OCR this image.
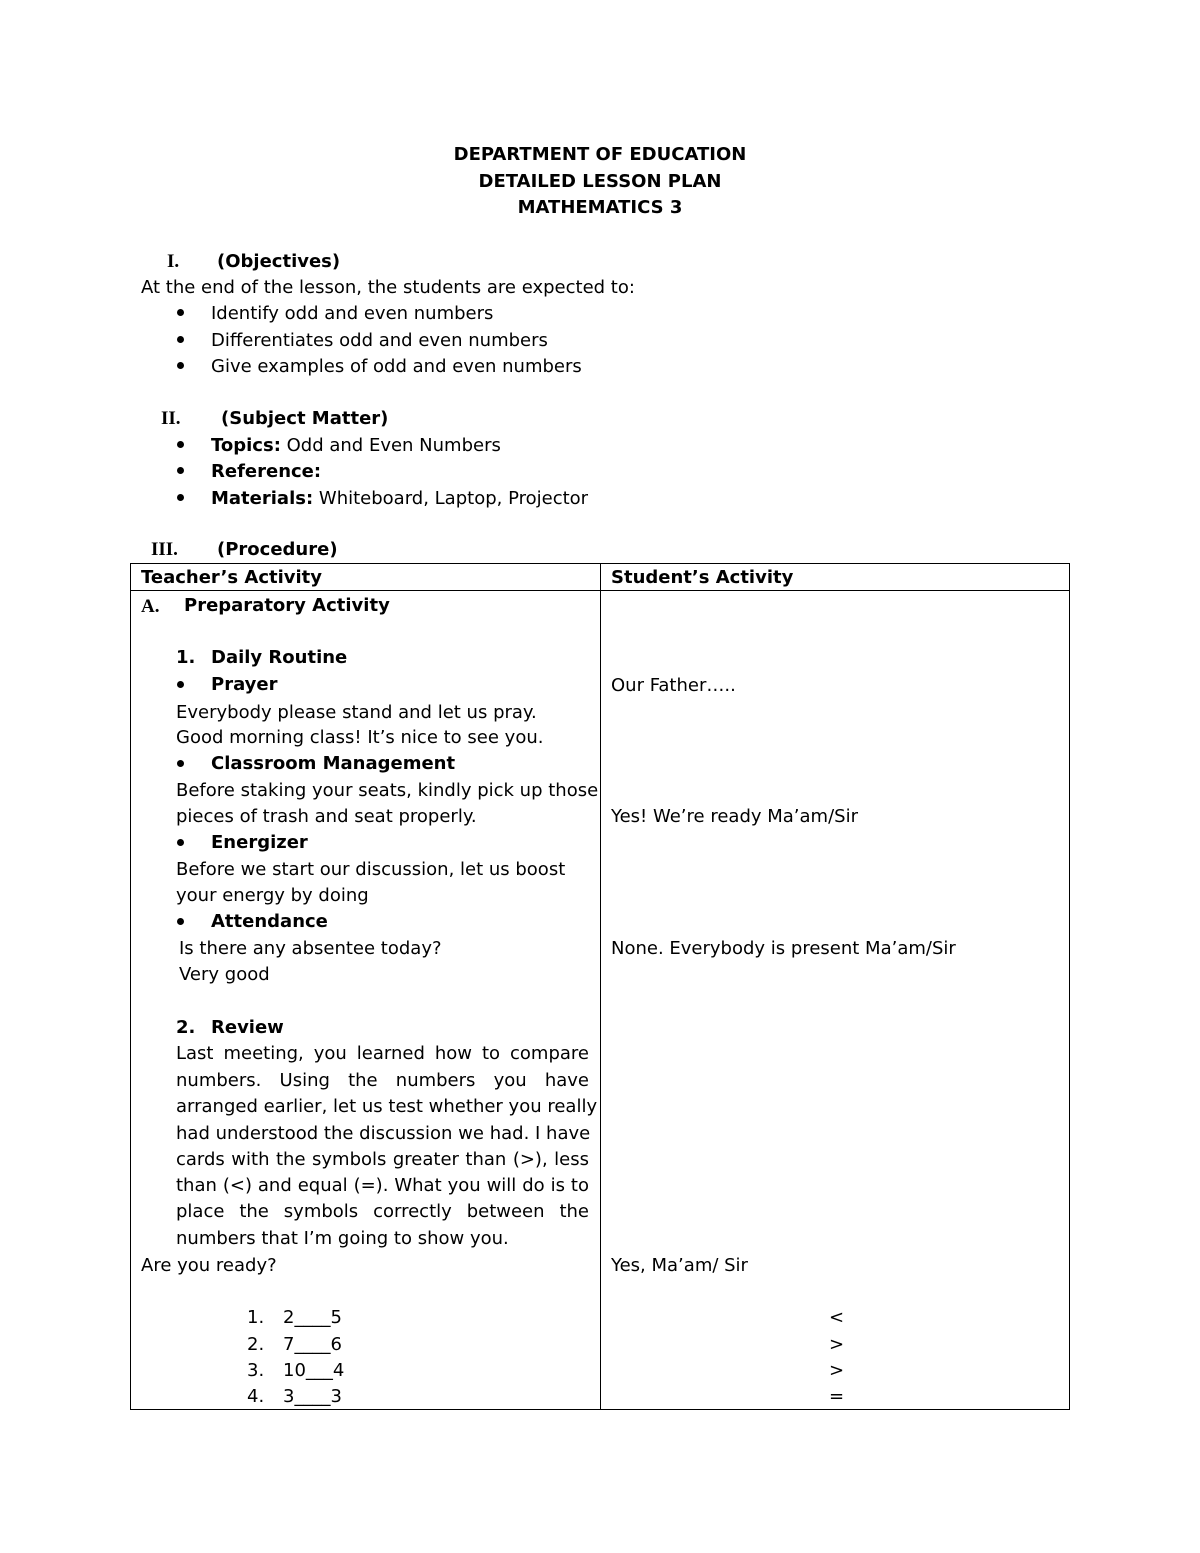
DEPARTMENT OF EDUCATION
DETAILED LESSON PLAN
MATHEMATICS 3
I. (Objectives)
At the end of the lesson, the students are expected to:
Identify odd and even numbers
Differentiates odd and even numbers
Give examples of odd and even numbers
II. (Subject Matter)
Topics: Odd and Even Numbers
Reference:
Materials: Whiteboard, Laptop, Projector
III. (Procedure)
Teacher’s Activity	Student’s Activity
A. Preparatory Activity
1. Daily Routine
Prayer	Our Father…..
Everybody please stand and let us pray.
Good morning class! It’s nice to see you.
Classroom Management
Before staking your seats, kindly pick up those
pieces of trash and seat properly.	Yes! We’re ready Ma’am/Sir
Energizer
Before we start our discussion, let us boost
your energy by doing
Attendance
Is there any absentee today?	None. Everybody is present Ma’am/Sir
Very good
2. Review
Last meeting, you learned how to compare
numbers. Using the numbers you have
arranged earlier, let us test whether you really
had understood the discussion we had. I have
cards with the symbols greater than (>), less
than (<) and equal (=). What you will do is to
place the symbols correctly between the
numbers that I’m going to show you.
Are you ready?	Yes, Ma’am/ Sir
1. 2____5	<
2. 7____6	>
3. 10___4	>
4. 3____3	=
